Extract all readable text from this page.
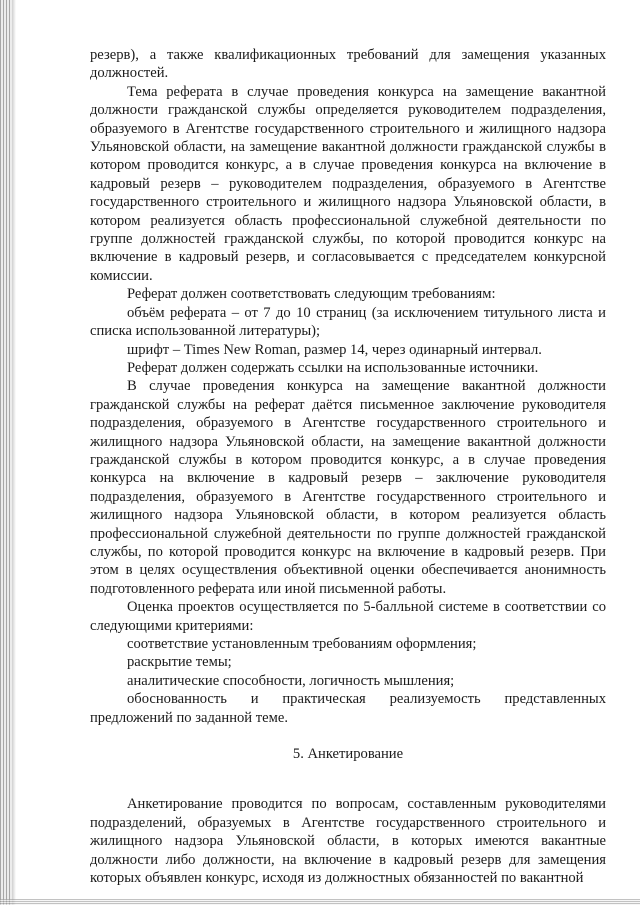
резерв), а также квалификационных требований для замещения указанных должностей.

Тема реферата в случае проведения конкурса на замещение вакантной должности гражданской службы определяется руководителем подразделения, образуемого в Агентстве государственного строительного и жилищного надзора Ульяновской области, на замещение вакантной должности гражданской службы в котором проводится конкурс, а в случае проведения конкурса на включение в кадровый резерв – руководителем подразделения, образуемого в Агентстве государственного строительного и жилищного надзора Ульяновской области, в котором реализуется область профессиональной служебной деятельности по группе должностей гражданской службы, по которой проводится конкурс на включение в кадровый резерв, и согласовывается с председателем конкурсной комиссии.

Реферат должен соответствовать следующим требованиям:

объём реферата – от 7 до 10 страниц (за исключением титульного листа и списка использованной литературы);

шрифт – Times New Roman, размер 14, через одинарный интервал.

Реферат должен содержать ссылки на использованные источники.

В случае проведения конкурса на замещение вакантной должности гражданской службы на реферат даётся письменное заключение руководителя подразделения, образуемого в Агентстве государственного строительного и жилищного надзора Ульяновской области, на замещение вакантной должности гражданской службы в котором проводится конкурс, а в случае проведения конкурса на включение в кадровый резерв – заключение руководителя подразделения, образуемого в Агентстве государственного строительного и жилищного надзора Ульяновской области, в котором реализуется область профессиональной служебной деятельности по группе должностей гражданской службы, по которой проводится конкурс на включение в кадровый резерв. При этом в целях осуществления объективной оценки обеспечивается анонимность подготовленного реферата или иной письменной работы.

Оценка проектов осуществляется по 5-балльной системе в соответствии со следующими критериями:

соответствие установленным требованиям оформления;

раскрытие темы;

аналитические способности, логичность мышления;

обоснованность и практическая реализуемость представленных предложений по заданной теме.

5. Анкетирование

Анкетирование проводится по вопросам, составленным руководителями подразделений, образуемых в Агентстве государственного строительного и жилищного надзора Ульяновской области, в которых имеются вакантные должности либо должности, на включение в кадровый резерв для замещения которых объявлен конкурс, исходя из должностных обязанностей по вакантной
